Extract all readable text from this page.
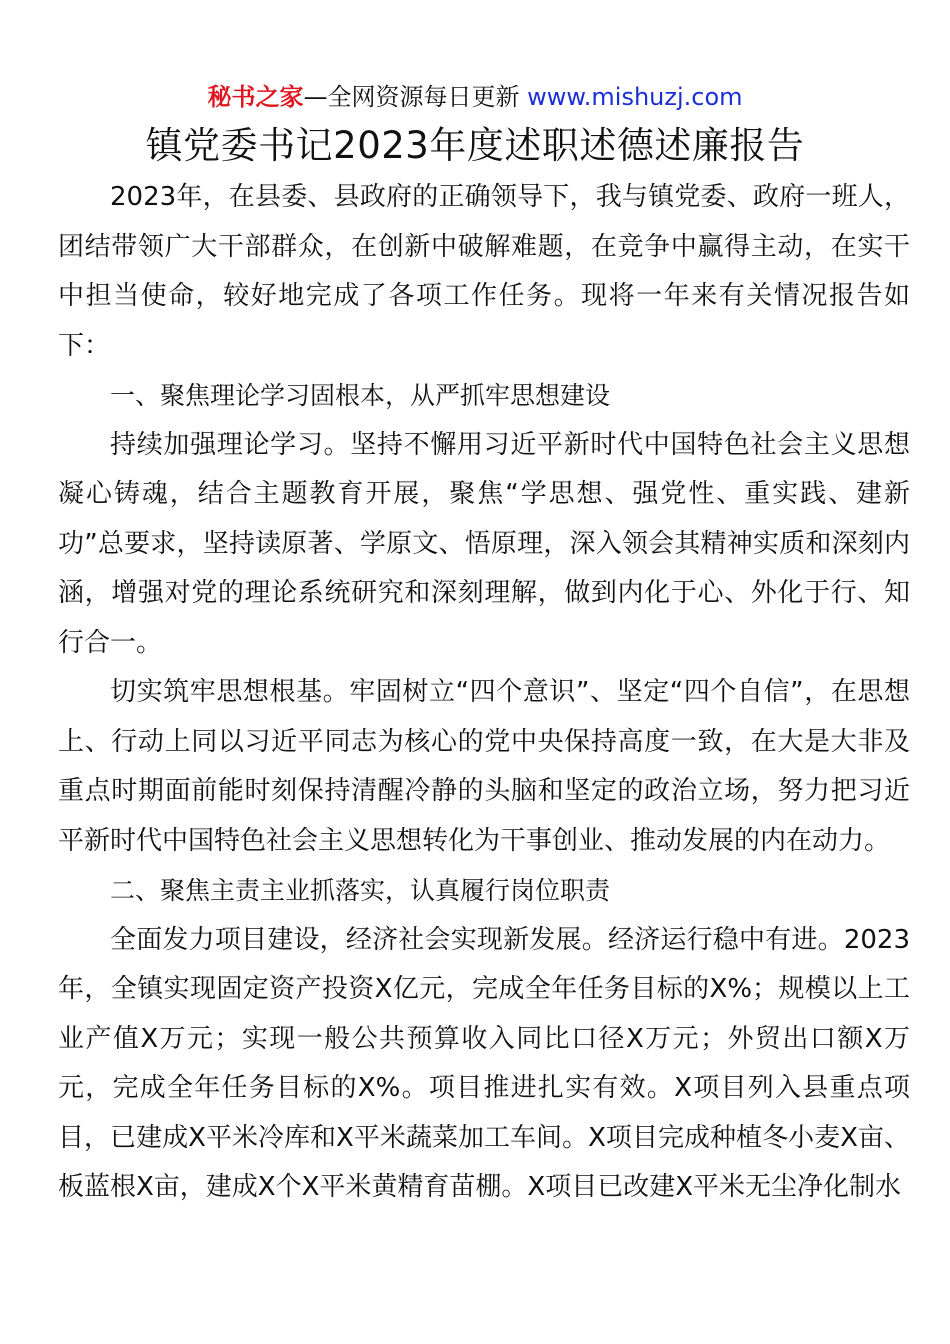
秘书之家—全网资源每日更新 www.mishuzj.com
镇党委书记2023年度述职述德述廉报告

2023年，在县委、县政府的正确领导下，我与镇党委、政府一班人，团结带领广大干部群众，在创新中破解难题，在竞争中赢得主动，在实干中担当使命，较好地完成了各项工作任务。现将一年来有关情况报告如下：

一、聚焦理论学习固根本，从严抓牢思想建设

持续加强理论学习。坚持不懈用习近平新时代中国特色社会主义思想凝心铸魂，结合主题教育开展，聚焦“学思想、强党性、重实践、建新功”总要求，坚持读原著、学原文、悟原理，深入领会其精神实质和深刻内涵，增强对党的理论系统研究和深刻理解，做到内化于心、外化于行、知行合一。

切实筑牢思想根基。牢固树立“四个意识”、坚定“四个自信”，在思想上、行动上同以习近平同志为核心的党中央保持高度一致，在大是大非及重点时期面前能时刻保持清醒冷静的头脑和坚定的政治立场，努力把习近平新时代中国特色社会主义思想转化为干事创业、推动发展的内在动力。

二、聚焦主责主业抓落实，认真履行岗位职责

全面发力项目建设，经济社会实现新发展。经济运行稳中有进。2023年，全镇实现固定资产投资X亿元，完成全年任务目标的X%；规模以上工业产值X万元；实现一般公共预算收入同比口径X万元；外贸出口额X万元，完成全年任务目标的X%。项目推进扎实有效。X项目列入县重点项目，已建成X平米冷库和X平米蔬菜加工车间。X项目完成种植冬小麦X亩、板蓝根X亩，建成X个X平米黄精育苗棚。X项目已改建X平米无尘净化制水
